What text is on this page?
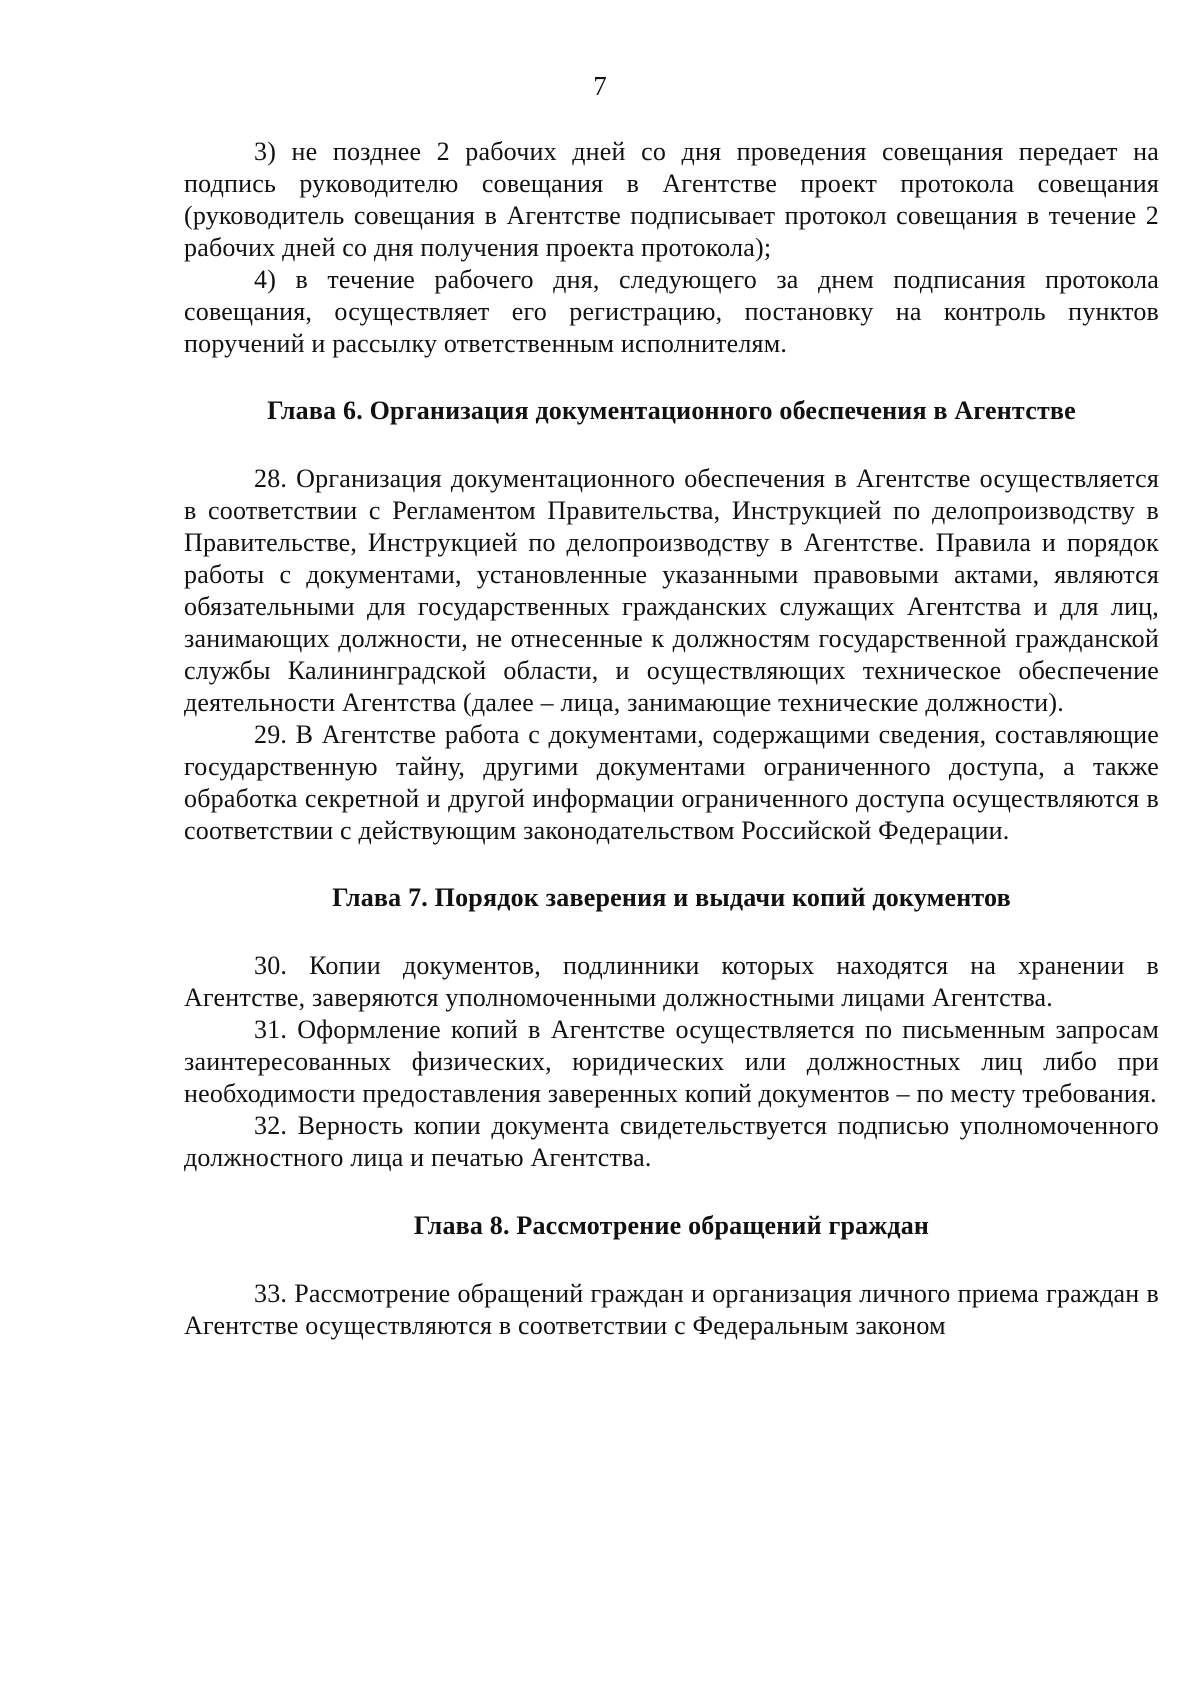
7

3) не позднее 2 рабочих дней со дня проведения совещания передает на подпись руководителю совещания в Агентстве проект протокола совещания (руководитель совещания в Агентстве подписывает протокол совещания в течение 2 рабочих дней со дня получения проекта протокола);

4) в течение рабочего дня, следующего за днем подписания протокола совещания, осуществляет его регистрацию, постановку на контроль пунктов поручений и рассылку ответственным исполнителям.

Глава 6. Организация документационного обеспечения в Агентстве

28. Организация документационного обеспечения в Агентстве осуществляется в соответствии с Регламентом Правительства, Инструкцией по делопроизводству в Правительстве, Инструкцией по делопроизводству в Агентстве. Правила и порядок работы с документами, установленные указанными правовыми актами, являются обязательными для государственных гражданских служащих Агентства и для лиц, занимающих должности, не отнесенные к должностям государственной гражданской службы Калининградской области, и осуществляющих техническое обеспечение деятельности Агентства (далее – лица, занимающие технические должности).

29. В Агентстве работа с документами, содержащими сведения, составляющие государственную тайну, другими документами ограниченного доступа, а также обработка секретной и другой информации ограниченного доступа осуществляются в соответствии с действующим законодательством Российской Федерации.

Глава 7. Порядок заверения и выдачи копий документов

30. Копии документов, подлинники которых находятся на хранении в Агентстве, заверяются уполномоченными должностными лицами Агентства.

31. Оформление копий в Агентстве осуществляется по письменным запросам заинтересованных физических, юридических или должностных лиц либо при необходимости предоставления заверенных копий документов – по месту требования.

32. Верность копии документа свидетельствуется подписью уполномоченного должностного лица и печатью Агентства.

Глава 8. Рассмотрение обращений граждан

33. Рассмотрение обращений граждан и организация личного приема граждан в Агентстве осуществляются в соответствии с Федеральным законом
